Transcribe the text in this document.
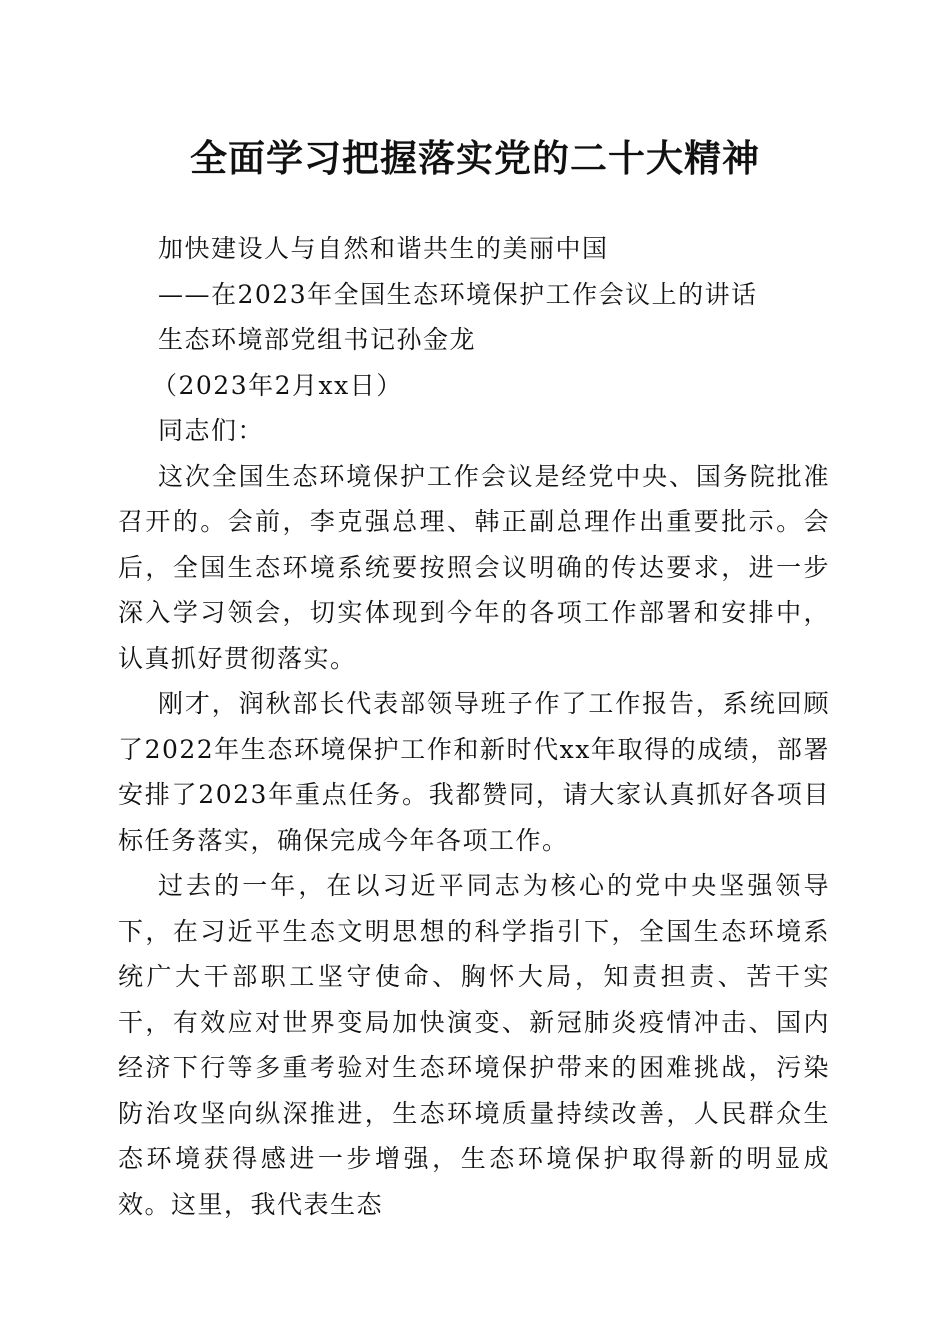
全面学习把握落实党的二十大精神

加快建设人与自然和谐共生的美丽中国

——在2023年全国生态环境保护工作会议上的讲话

生态环境部党组书记孙金龙

（2023年2月xx日）

同志们：

这次全国生态环境保护工作会议是经党中央、国务院批准召开的。会前，李克强总理、韩正副总理作出重要批示。会后，全国生态环境系统要按照会议明确的传达要求，进一步深入学习领会，切实体现到今年的各项工作部署和安排中，认真抓好贯彻落实。

刚才，润秋部长代表部领导班子作了工作报告，系统回顾了2022年生态环境保护工作和新时代xx年取得的成绩，部署安排了2023年重点任务。我都赞同，请大家认真抓好各项目标任务落实，确保完成今年各项工作。

过去的一年，在以习近平同志为核心的党中央坚强领导下，在习近平生态文明思想的科学指引下，全国生态环境系统广大干部职工坚守使命、胸怀大局，知责担责、苦干实干，有效应对世界变局加快演变、新冠肺炎疫情冲击、国内经济下行等多重考验对生态环境保护带来的困难挑战，污染防治攻坚向纵深推进，生态环境质量持续改善，人民群众生态环境获得感进一步增强，生态环境保护取得新的明显成效。这里，我代表生态
